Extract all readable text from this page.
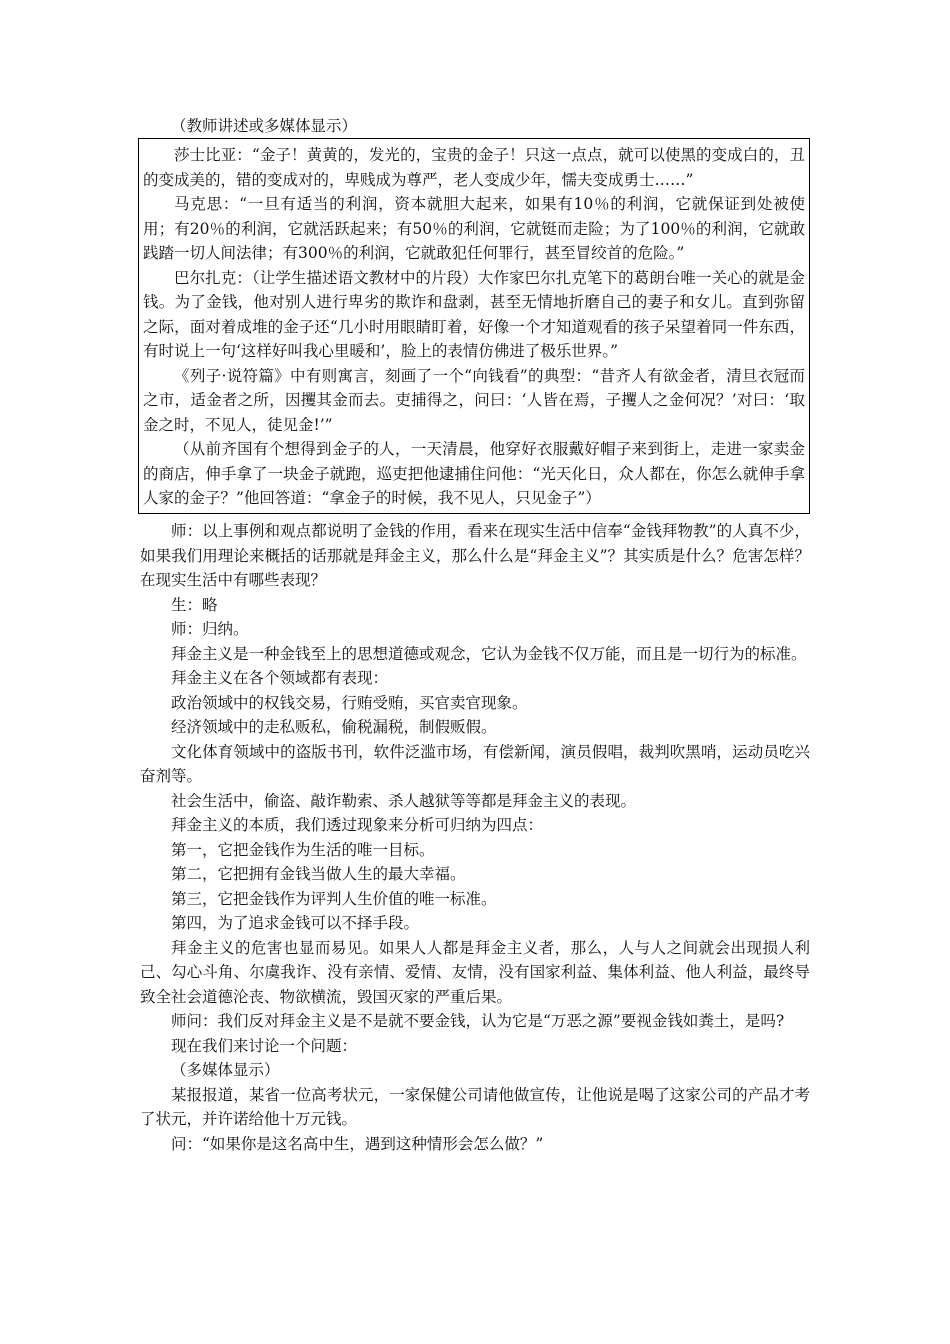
（教师讲述或多媒体显示）

莎士比亚：“金子！黄黄的，发光的，宝贵的金子！只这一点点，就可以使黑的变成白的，丑的变成美的，错的变成对的，卑贱成为尊严，老人变成少年，懦夫变成勇士……”

马克思：“一旦有适当的利润，资本就胆大起来，如果有10％的利润，它就保证到处被使用；有20％的利润，它就活跃起来；有50％的利润，它就铤而走险；为了100％的利润，它就敢践踏一切人间法律；有300％的利润，它就敢犯任何罪行，甚至冒绞首的危险。”

巴尔扎克：（让学生描述语文教材中的片段）大作家巴尔扎克笔下的葛朗台唯一关心的就是金钱。为了金钱，他对别人进行卑劣的欺诈和盘剥，甚至无情地折磨自己的妻子和女儿。直到弥留之际，面对着成堆的金子还“几小时用眼睛盯着，好像一个才知道观看的孩子呆望着同一件东西，有时说上一句‘这样好叫我心里暖和’，脸上的表情仿佛进了极乐世界。”

《列子·说符篇》中有则寓言，刻画了一个“向钱看”的典型：“昔齐人有欲金者，清旦衣冠而之市，适金者之所，因攫其金而去。吏捕得之，问曰：‘人皆在焉，子攫人之金何况？’对曰：‘取金之时，不见人，徒见金!’”

（从前齐国有个想得到金子的人，一天清晨，他穿好衣服戴好帽子来到街上，走进一家卖金的商店，伸手拿了一块金子就跑，巡吏把他逮捕住问他：“光天化日，众人都在，你怎么就伸手拿人家的金子？”他回答道：“拿金子的时候，我不见人，只见金子”）

师：以上事例和观点都说明了金钱的作用，看来在现实生活中信奉“金钱拜物教”的人真不少，如果我们用理论来概括的话那就是拜金主义，那么什么是“拜金主义”？其实质是什么？危害怎样？在现实生活中有哪些表现？

生：略

师：归纳。

拜金主义是一种金钱至上的思想道德或观念，它认为金钱不仅万能，而且是一切行为的标准。

拜金主义在各个领域都有表现：

政治领域中的权钱交易，行贿受贿，买官卖官现象。

经济领域中的走私贩私，偷税漏税，制假贩假。

文化体育领域中的盗版书刊，软件泛滥市场，有偿新闻，演员假唱，裁判吹黑哨，运动员吃兴奋剂等。

社会生活中，偷盗、敲诈勒索、杀人越狱等等都是拜金主义的表现。

拜金主义的本质，我们透过现象来分析可归纳为四点：

第一，它把金钱作为生活的唯一目标。

第二，它把拥有金钱当做人生的最大幸福。

第三，它把金钱作为评判人生价值的唯一标准。

第四，为了追求金钱可以不择手段。

拜金主义的危害也显而易见。如果人人都是拜金主义者，那么，人与人之间就会出现损人利己、勾心斗角、尔虞我诈、没有亲情、爱情、友情，没有国家利益、集体利益、他人利益，最终导致全社会道德沦丧、物欲横流，毁国灭家的严重后果。

师问：我们反对拜金主义是不是就不要金钱，认为它是“万恶之源”要视金钱如粪土，是吗?

现在我们来讨论一个问题：

（多媒体显示）

某报报道，某省一位高考状元，一家保健公司请他做宣传，让他说是喝了这家公司的产品才考了状元，并许诺给他十万元钱。

问：“如果你是这名高中生，遇到这种情形会怎么做？”
